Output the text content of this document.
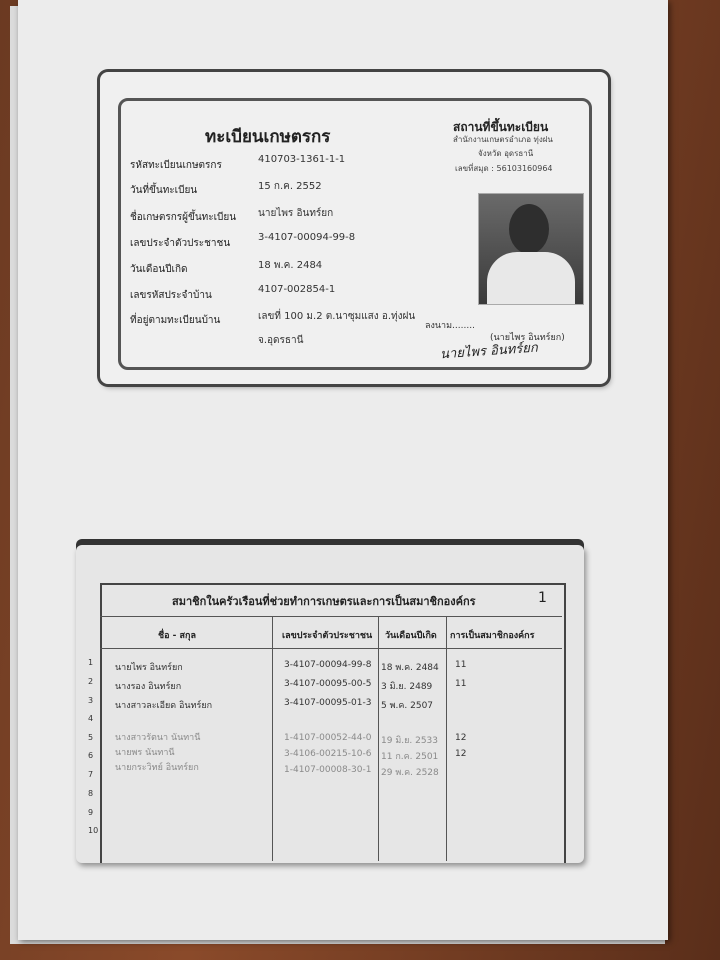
ทะเบียนเกษตรกร
รหัสทะเบียนเกษตรกร
410703-1361-1-1
วันที่ขึ้นทะเบียน	15 ก.ค. 2552
ชื่อเกษตรกรผู้ขึ้นทะเบียน นายไพร อินทร์ยก
เลขประจำตัวประชาชน
3-4107-00094-99-8
วันเดือนปีเกิด	18 พ.ค. 2484
เลขรหัสประจำบ้าน
4107-002854-1
ที่อยู่ตามทะเบียนบ้าน	เลขที่ 100 ม.2 ต.นาซุมแสง อ.ทุ่งฝน
จ.อุดรธานี
สถานที่ขึ้นทะเบียน
สำนักงานเกษตรอำเภอ ทุ่งฝน
จังหวัด อุดรธานี
เลขที่สมุด : 56103160964
ลงนาม........
(นายไพร อินทร์ยก)
นายไพร อินทร์ยก
สมาชิกในครัวเรือนที่ช่วยทำการเกษตรและการเป็นสมาชิกองค์กร	1
ชื่อ - สกุล	เลขประจำตัวประชาชน วันเดือนปีเกิด การเป็นสมาชิกองค์กร
1
2
3
4
5
6
7
8
9
10
นายไพร อินทร์ยก	3-4107-00094-99-8 18 พ.ค. 2484 11
นางรอง อินทร์ยก	3-4107-00095-00-5 3 มิ.ย. 2489	11
นางสาวละเอียด อินทร์ยก	3-4107-00095-01-3 5 พ.ค. 2507
นางสาวรัตนา นันทานี	1-4107-00052-44-0 19 มิ.ย. 2533 12
นายพร นันทานี	3-4106-00215-10-6 11 ก.ค. 2501 12
นายกระวิทย์ อินทร์ยก	1-4107-00008-30-1 29 พ.ค. 2528
